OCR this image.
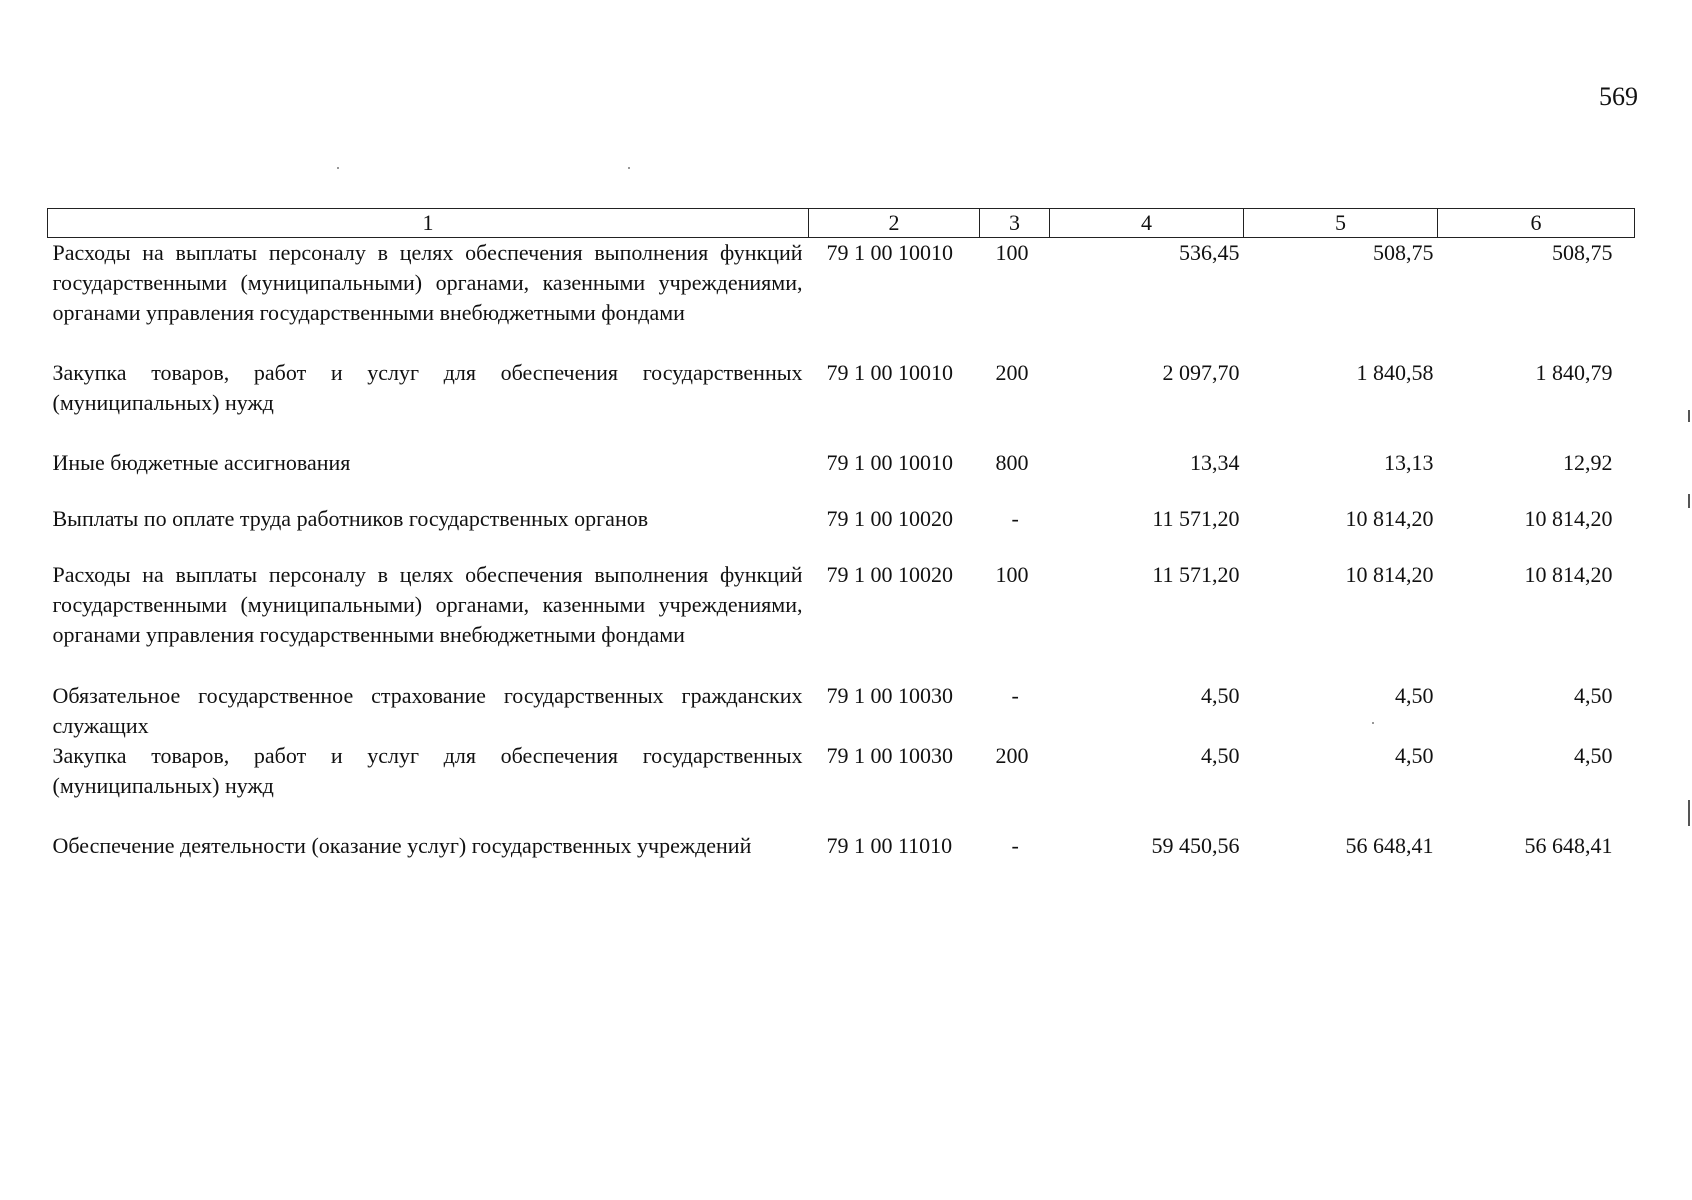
569
1	2	3	4	5	6
Расходы на выплаты персоналу в целях обеспечения выполнения функций государственными (муниципальными) органами, казенными учреждениями, органами управления государственными внебюджетными фондами	79 1 00 10010	100	536,45	508,75	508,75
Закупка товаров, работ и услуг для обеспечения государственных (муниципальных) нужд	79 1 00 10010	200	2 097,70	1 840,58	1 840,79
Иные бюджетные ассигнования	79 1 00 10010	800	13,34	13,13	12,92
Выплаты по оплате труда работников государственных органов	79 1 00 10020	-	11 571,20	10 814,20	10 814,20
Расходы на выплаты персоналу в целях обеспечения выполнения функций государственными (муниципальными) органами, казенными учреждениями, органами управления государственными внебюджетными фондами	79 1 00 10020	100	11 571,20	10 814,20	10 814,20
Обязательное государственное страхование государственных гражданских служащих	79 1 00 10030	-	4,50	4,50	4,50
Закупка товаров, работ и услуг для обеспечения государственных (муниципальных) нужд	79 1 00 10030	200	4,50	4,50	4,50
Обеспечение деятельности (оказание услуг) государственных учреждений	79 1 00 11010	-	59 450,56	56 648,41	56 648,41
